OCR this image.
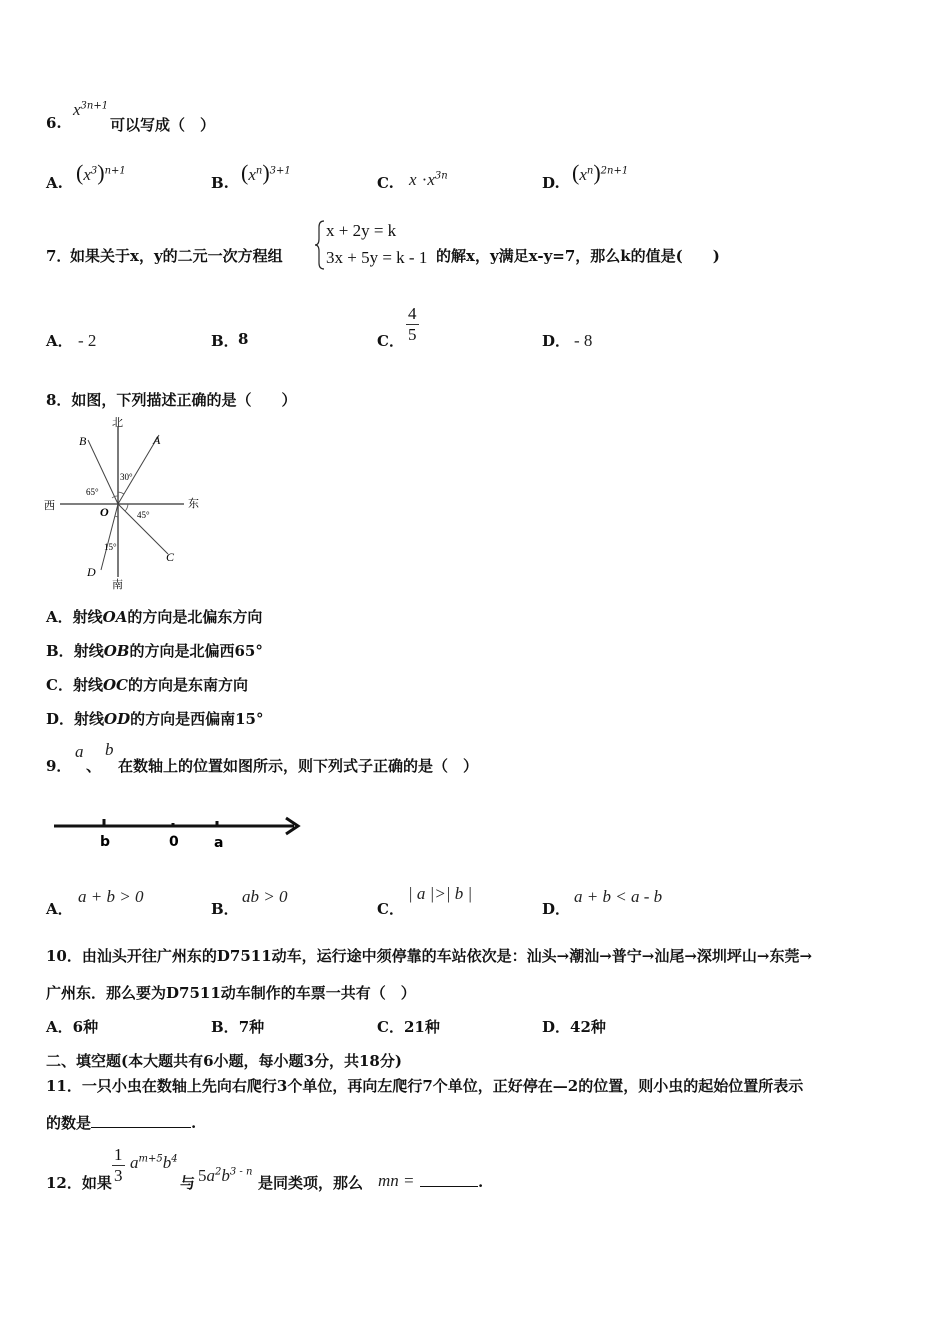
6.
$x^{3n+1}$
可以写成（　）
A. $(x^3)^{n+1}$
B. $(x^n)^{3+1}$
C. $x \cdot x^{3n}$	D. $(x^n)^{2n+1}$
7．
如果关于x，y的二元一次方程组
x + 2y = k
3x + 5y = k - 1 的解x，y满足x-y=7，那么k的值是(　　)
A． - 2	B． 8	C． $\frac{4}{5}$	D． - 8
8．如图，下列描述正确的是（　　）
北
南
西	东
A
B
C
D
O
30°
65°
45°
15°
A．射线OA的方向是北偏东方向
B．射线OB的方向是北偏西65°
C．射线OC的方向是东南方向
D．射线OD的方向是西偏南15°
9．
a
、
b
在数轴上的位置如图所示，则下列式子正确的是（　）
b	0	a
A．
a + b > 0
B．
ab > 0
C．
| a |>| b |
D．
a + b < a - b
10．由汕头开往广州东的D7511动车，运行途中须停靠的车站依次是：汕头→潮汕→普宁→汕尾→深圳坪山→东莞→
广州东．那么要为D7511动车制作的车票一共有（　）
A．6种	B．7种	C．21种	D．42种
二、填空题(本大题共有6小题，每小题3分，共18分)
11．一只小虫在数轴上先向右爬行3个单位，再向左爬行7个单位，正好停在—2的位置，则小虫的起始位置所表示
的数是	.
12．如果 $\frac{1}{3} a^{m+5}b^4$
与 $5a^2b^{3 - n}$
是同类项，那么 mn =	.
